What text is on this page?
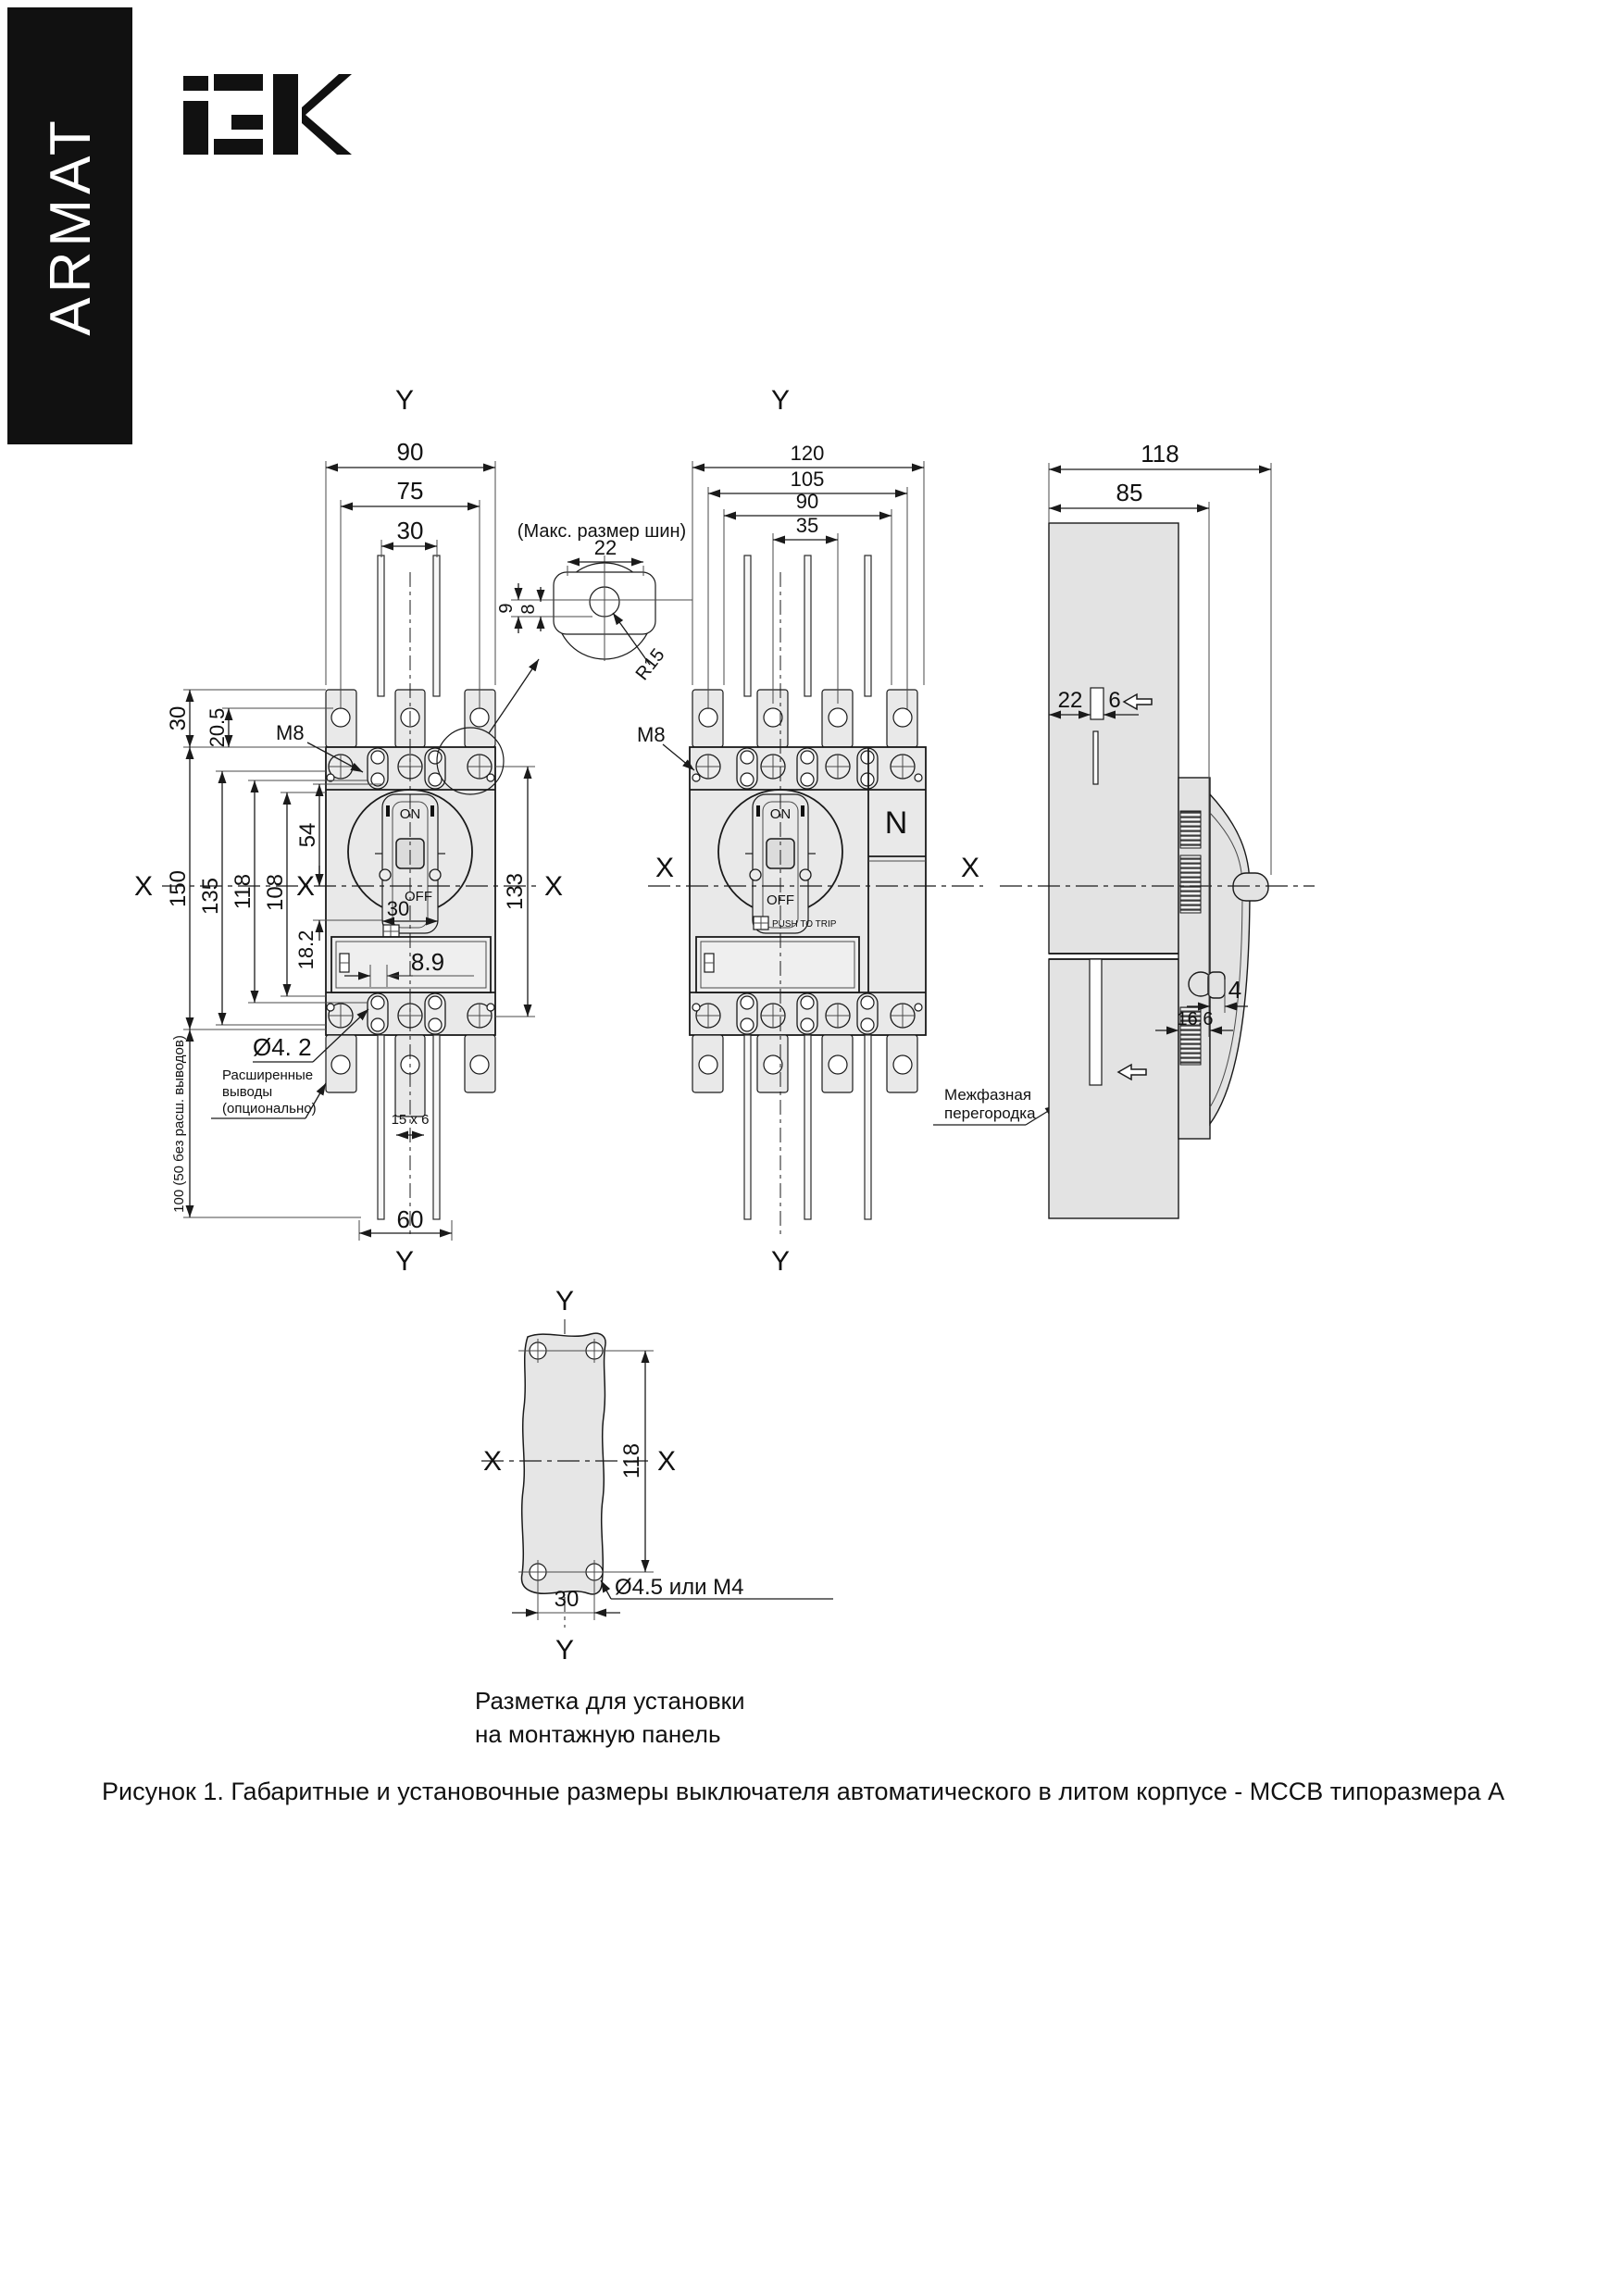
ARMAT
ON
OFF
30
8.9
15 x 6
X	X	X
Y
Y
90
75
30
30 20.5 M8
150 135 118 108
54
18.2
133
100 (50 без расш. выводов)	Ø4. 2
Расширенные
выводы
(опционально)
60
(Макс. размер шин)
22
9 8
R15
N
ON
OFF
PUSH TO TRIP
X	X
Y
Y
120
105
90
35
M8
Межфазная
перегородка
118
85
22 6
4
16.6
Y
X	X
118
30 Ø4.5 или М4
Y
Разметка для установки
на монтажную панель
Рисунок 1. Габаритные и установочные размеры выключателя автоматического в литом корпусе - МССВ типоразмера А
